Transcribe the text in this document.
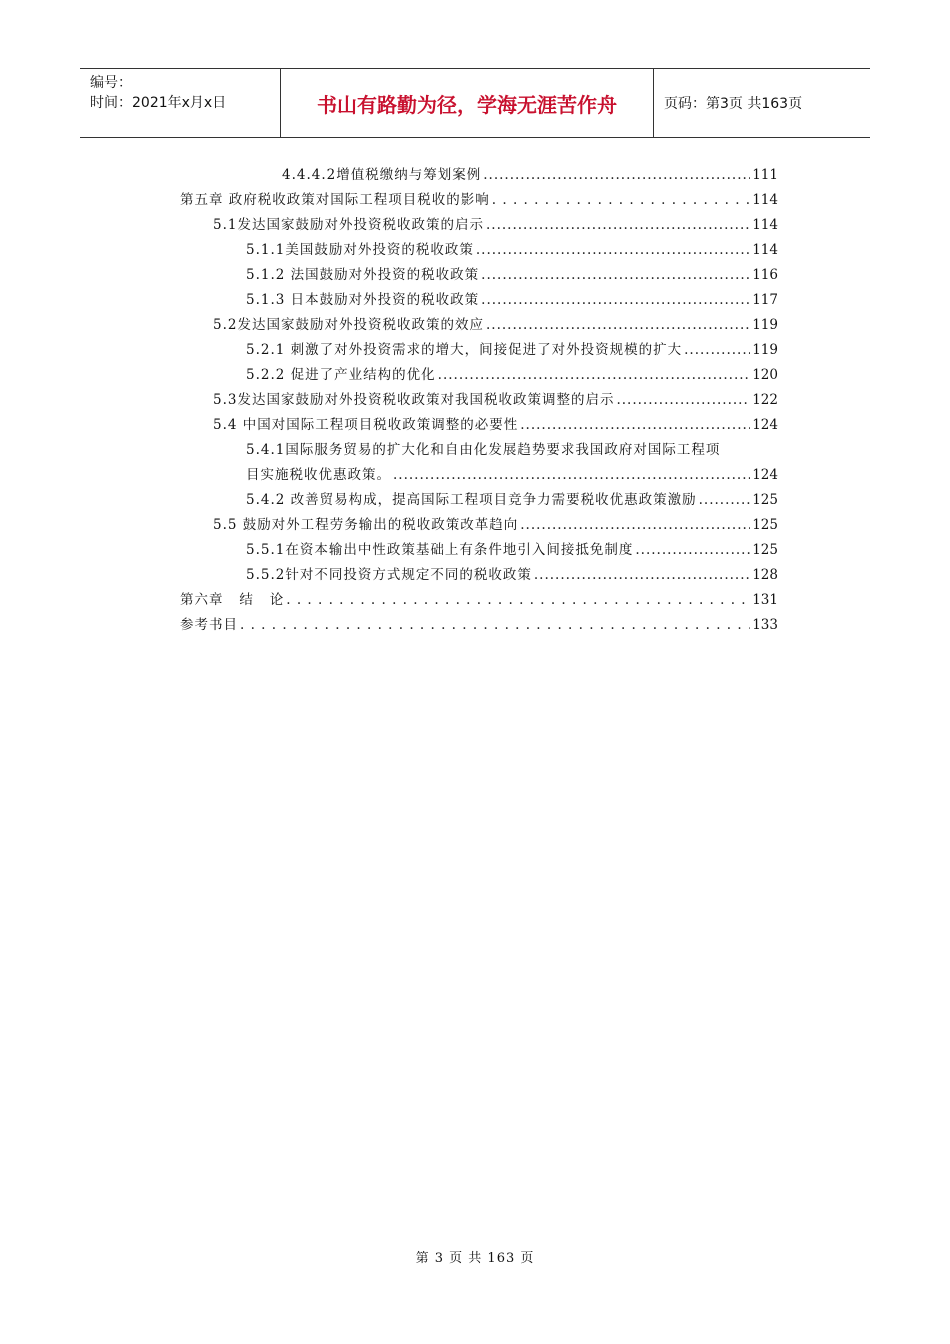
编号：
时间：2021年x月x日	书山有路勤为径，学海无涯苦作舟	页码：第3页 共163页
4.4.4.2增值税缴纳与筹划案例 .....	111
第五章 政府税收政策对国际工程项目税收的影响 . . .	114
5.1发达国家鼓励对外投资税收政策的启示 .....	114
5.1.1美国鼓励对外投资的税收政策 .....	114
5.1.2 法国鼓励对外投资的税收政策 .....	116
5.1.3 日本鼓励对外投资的税收政策 .....	117
5.2发达国家鼓励对外投资税收政策的效应 .....	119
5.2.1 刺激了对外投资需求的增大，间接促进了对外投资规模的扩大 .....	119
5.2.2 促进了产业结构的优化 .....	120
5.3发达国家鼓励对外投资税收政策对我国税收政策调整的启示 .....	122
5.4 中国对国际工程项目税收政策调整的必要性 .....	124
5.4.1国际服务贸易的扩大化和自由化发展趋势要求我国政府对国际工程项
目实施税收优惠政策。 .....	124
5.4.2 改善贸易构成，提高国际工程项目竞争力需要税收优惠政策激励 .....	125
5.5 鼓励对外工程劳务输出的税收政策改革趋向 .....	125
5.5.1在资本输出中性政策基础上有条件地引入间接抵免制度 .....	125
5.5.2针对不同投资方式规定不同的税收政策 .....	128
第六章   结   论 . . .	131
参考书目 . . .	133
第 3 页 共 163 页
